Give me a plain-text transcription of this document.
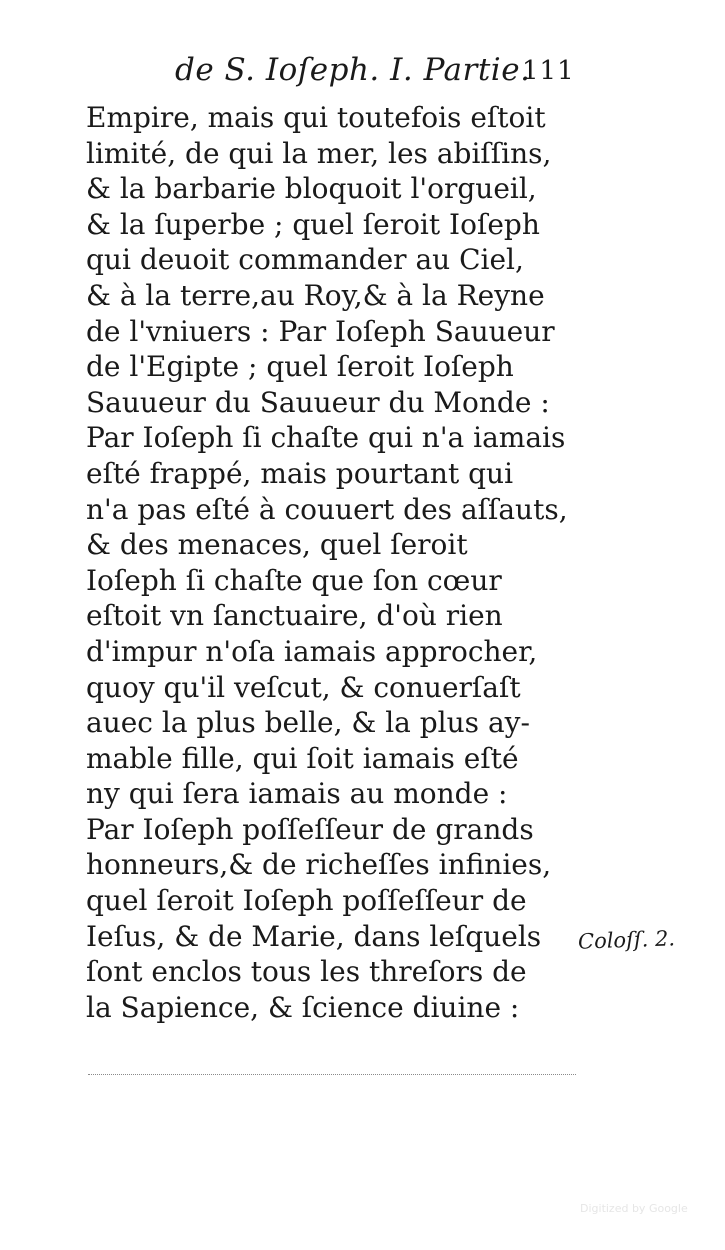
de S. Ioſeph. I. Partie.
111
Empire, mais qui toutefois eſtoit
limité, de qui la mer, les abiſſins,
& la barbarie bloquoit l'orgueil,
& la ſuperbe ; quel ſeroit Ioſeph
qui deuoit commander au Ciel,
& à la terre,au Roy,& à la Reyne
de l'vniuers : Par Ioſeph Sauueur
de l'Egipte ; quel ſeroit Ioſeph
Sauueur du Sauueur du Monde :
Par Ioſeph ſi chaſte qui n'a iamais
eſté frappé, mais pourtant qui
n'a pas eſté à couuert des aſſauts,
& des menaces, quel ſeroit
Ioſeph ſi chaſte que ſon cœur
eſtoit vn ſanctuaire, d'où rien
d'impur n'oſa iamais approcher,
quoy qu'il veſcut, & conuerſaſt
auec la plus belle, & la plus ay-
mable fille, qui ſoit iamais eſté
ny qui ſera iamais au monde :
Par Ioſeph poſſeſſeur de grands
honneurs,& de richeſſes infinies,
quel ſeroit Ioſeph poſſeſſeur de
Ieſus, & de Marie, dans leſquels
ſont enclos tous les threſors de
la Sapience, & ſcience diuine :
Coloſſ. 2.
Digitized by Google
